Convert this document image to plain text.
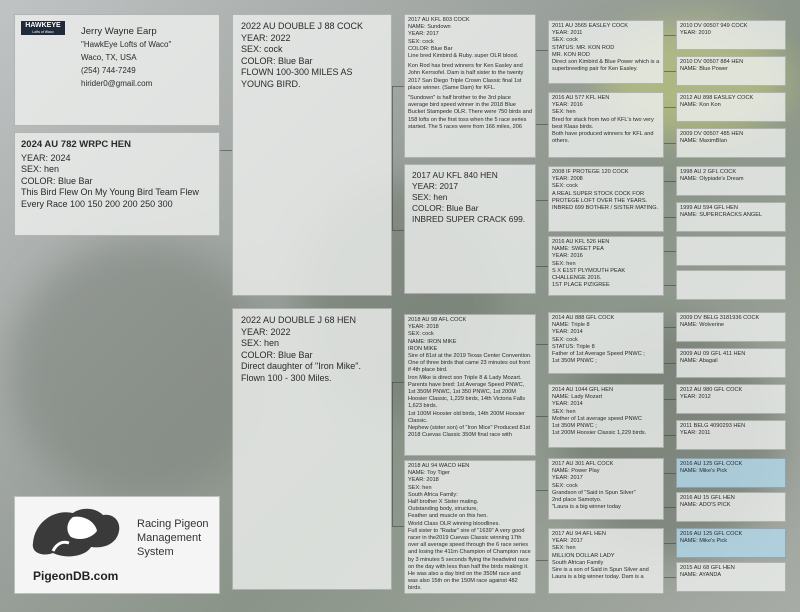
HAWKEYE
Lofts of Waco	Jerry Wayne Earp
"HawkEye Lofts of Waco"
Waco, TX, USA
(254) 744-7249
hirider0@gmail.com
2024 AU 782 WRPC HEN
YEAR: 2024
SEX: hen
COLOR: Blue Bar
This Bird Flew On My Young Bird Team Flew Every Race 100 150 200 200 250 300
2022 AU DOUBLE J 88 COCK
YEAR: 2022
SEX: cock
COLOR: Blue Bar
FLOWN 100-300 MILES AS YOUNG BIRD.
2022 AU DOUBLE J 68 HEN
YEAR: 2022
SEX: hen
COLOR: Blue Bar
Direct daughter of "Iron Mike". Flown 100 - 300 Miles.
2017 AU KFL 803 COCK
NAME: Sundown
YEAR: 2017
SEX: cock
COLOR: Blue Bar
Line bred Kimbird & Ruby. super OLR blood.
Kon Rod has bred winners for Ken Easley and John Kerrsofel. Dam is half sister to the twenty 2017 San Diego Triple Crown Classic final 1st place winner. (Same Dam) for KFL.
"Sundown" is half brother to the 3rd place average bird speed winner in the 2018 Blue Bucket Stampede OLR. There were 750 birds and 158 lofts on the first toss when the 5 race series started. The 5 races were from 166 miles, 206
2017 AU KFL 840 HEN
YEAR: 2017
SEX: hen
COLOR: Blue Bar
INBRED SUPER CRACK 699.
2018 AU 98 AFL COCK
YEAR: 2018
SEX: cock
NAME: IRON MIKE
IRON MIKE
Sire of 81st at the 2019 Texas Center Convention. One of three birds that came 23 minutes out front if 4th place bird.
Iron Mike is direct son Triple 8 & Lady Mozart. Parents have bred: 1st Average Speed PNWC, 1st 350M PNWC, 1st 350 PNWC, 1st 200M Hoosier Classic, 1,229 birds, 14th Victoria Falls 1,623 birds.
1st 100M Hoosier old birds, 14th 200M Hoosier Classic.
Nephew (sister son) of "Iron Mice" Produced 81st 2018 Cuevas Classic 350M final race with
2018 AU 94 WACO HEN
NAME: Toy Tiger
YEAR: 2018
SEX: hen
South Africa Family:
Half brother X Sister mating.
Outstanding body, structure,
Feather and muscle on this hen.
World Class OLR winning bloodlines.
Full sister to "Radar" sire of "1639" A very good racer in the2019 Cuevas Classic winning 17th over all average speed through the 6 race series and losing the 411m Champion of Champion race by 3 minutes 5 seconds flying the headwind race on the day with less than half the birds making it. He was also a day bird on the 350M race and was also 15th on the 150M race against 482 birds.
2011 AU 3565 EASLEY COCK
YEAR: 2011
SEX: cock
STATUS: MR. KON ROD
MR. KON ROD
Direct son Kimbird & Blue Power which is a superbreeding pair for Ken Easley.
2016 AU 577 KFL HEN
YEAR: 2016
SEX: hen
Bred for stack from two of KFL's two very best Klaas birds.
Both have produced winners for KFL and others.
2008 IF PROTEGE 120 COCK
YEAR: 2008
SEX: cock
A REAL SUPER STOCK COCK FOR PROTEGE LOFT OVER THE YEARS.
INBRED 699 BOTHER / SISTER MATING.
2016 AU KFL 526 HEN
NAME: SWEET PEA
YEAR: 2016
SEX: hen
S X E1ST PLYMOUTH PEAK CHALLENGE 2016.
1ST PLACE PIZIGREE
2014 AU 888 GFL COCK
NAME: Triple 8
YEAR: 2014
SEX: cock
STATUS: Triple 8
Father of 1st Average Speed PNWC ;
1st 350M PNWC ;
2014 AU 1044 GFL HEN
NAME: Lady Mozart
YEAR: 2014
SEX: hen
Mother of 1st average speed PNWC
1st 350M PNWC ;
1st 200M Hoosier Classic 1,229 birds.
2017 AU 301 AFL COCK
NAME: Power Play
YEAR: 2017
SEX: cock
Grandson of "Said in Spun Silver"
2nd place Samotyo.
"Laura is a big winner today
2017 AU 94 AFL HEN
YEAR: 2017
SEX: hen
MILLION DOLLAR LADY
South African Family
Sire is a son of Said in Spun Silver and Laura is a big winner today. Dam is a
2010 DV 00507 949 COCK
YEAR: 2010
2010 DV 00507 884 HEN
NAME: Blue Power
2012 AU 898 EASLEY COCK
NAME: Kon Kon
2009 DV 00507 485 HEN
NAME: MaximBlan
1998 AU 2 GFL COCK
NAME: Olypiade's Dream
1999 AU 594 GFL HEN
NAME: SUPERCRACKS ANGEL
2009 DV BELG 3181936 COCK
NAME: Wolverine
2009 AU 09 GFL 411 HEN
NAME: Abagail
2012 AU 980 GFL COCK
YEAR: 2012
2011 BELG 4090293 HEN
YEAR: 2011
2016 AU 125 GFL COCK
NAME: Mike's Pick
2016 AU 15 GFL HEN
NAME: ADO'S PICK
2016 AU 125 GFL COCK
NAME: Mike's Pick
2015 AU 68 GFL HEN
NAME: AYANDA
Racing Pigeon
Management
System
PigeonDB.com
